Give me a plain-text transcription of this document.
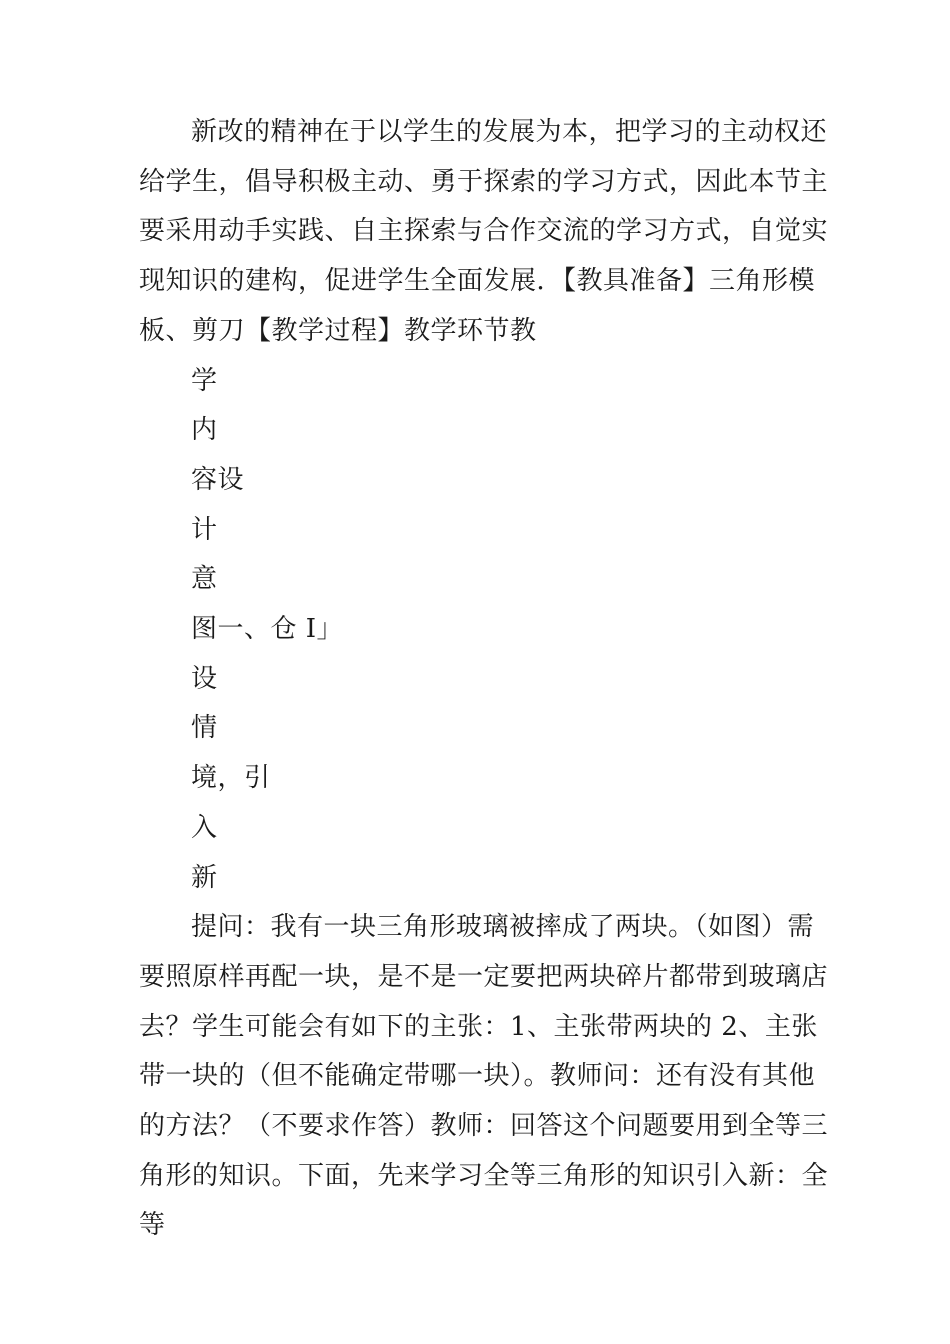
新改的精神在于以学生的发展为本，把学习的主动权还给学生，倡导积极主动、勇于探索的学习方式，因此本节主要采用动手实践、自主探索与合作交流的学习方式，自觉实现知识的建构，促进学生全面发展．【教具准备】三角形模板、剪刀【教学过程】教学环节教

学

内

容设

计

意

图一、仓 I」

设

情

境，引

入

新

提问：我有一块三角形玻璃被摔成了两块。（如图）需要照原样再配一块，是不是一定要把两块碎片都带到玻璃店去？学生可能会有如下的主张：1、主张带两块的 2、主张带一块的（但不能确定带哪一块）。教师问：还有没有其他的方法？（不要求作答）教师：回答这个问题要用到全等三角形的知识。下面，先来学习全等三角形的知识引入新：全等
